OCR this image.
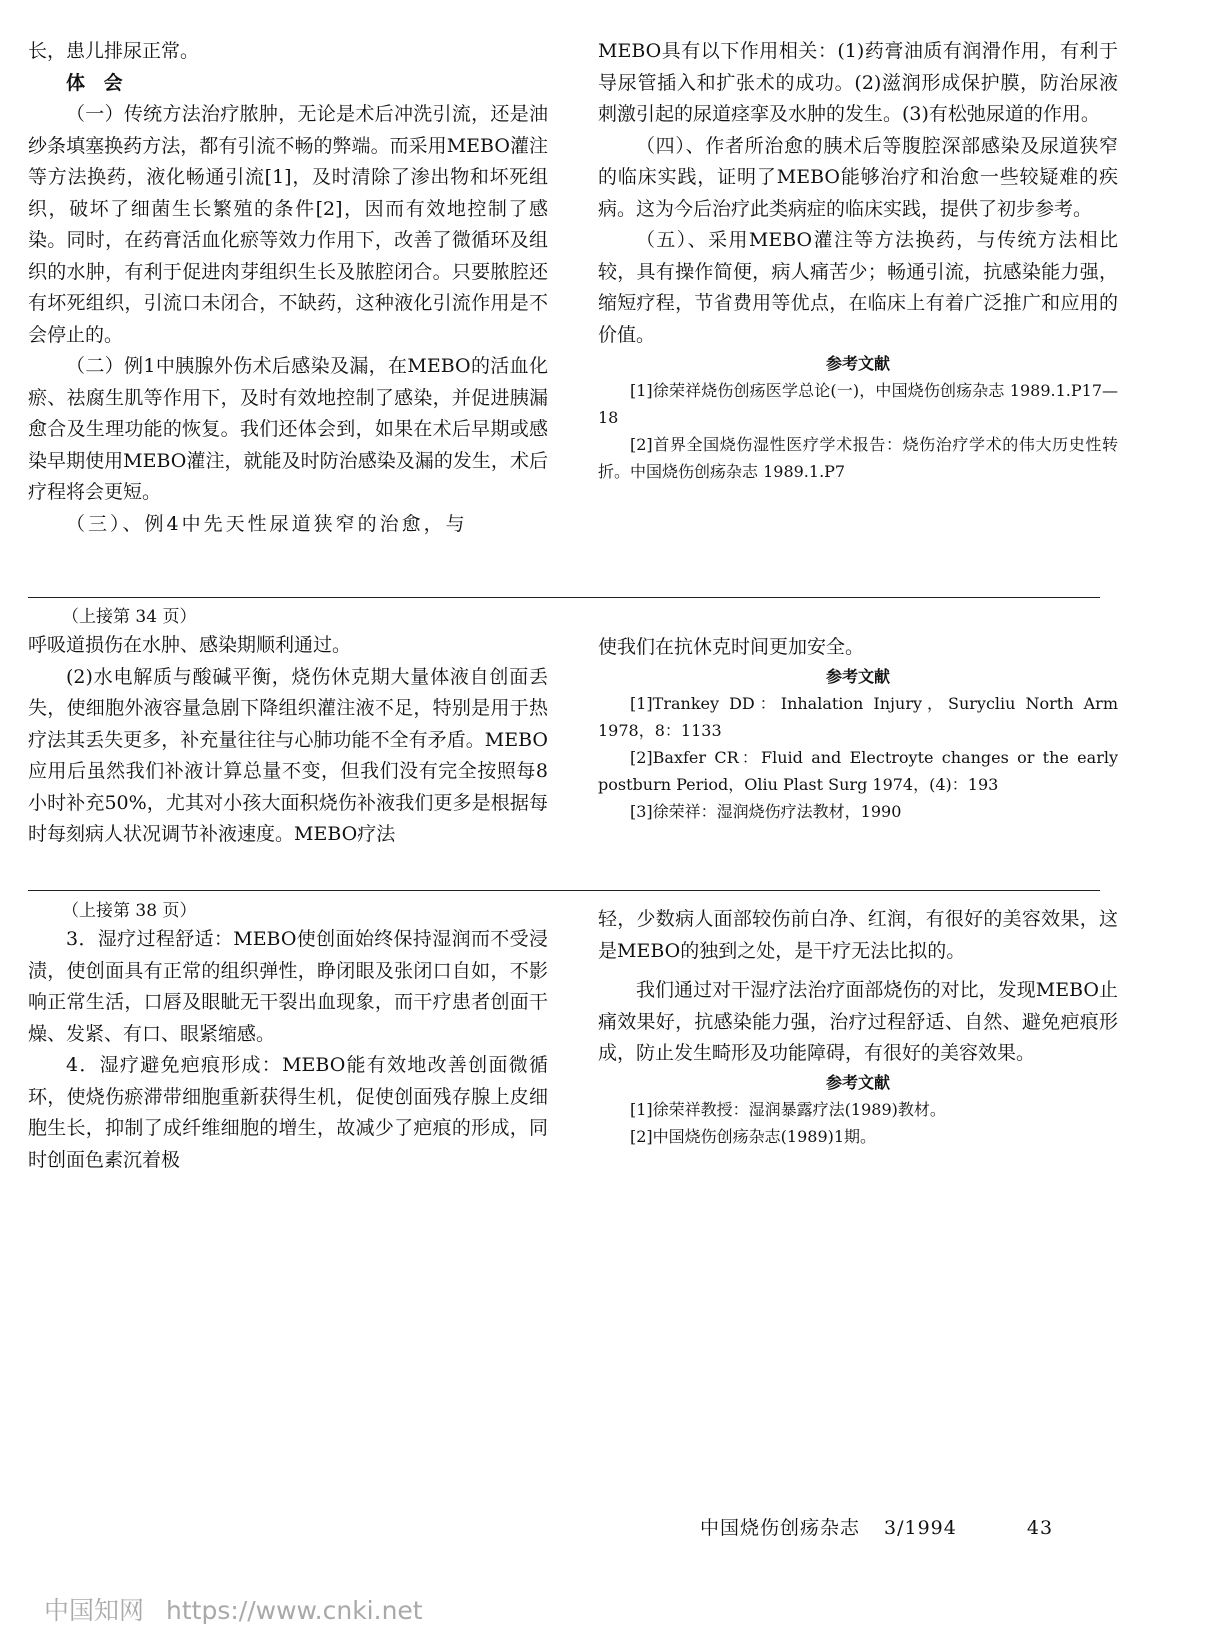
长，患儿排尿正常。

体 会

（一）传统方法治疗脓肿，无论是术后冲洗引流，还是油纱条填塞换药方法，都有引流不畅的弊端。而采用MEBO灌注等方法换药，液化畅通引流[1]，及时清除了渗出物和坏死组织，破坏了细菌生长繁殖的条件[2]，因而有效地控制了感染。同时，在药膏活血化瘀等效力作用下，改善了微循环及组织的水肿，有利于促进肉芽组织生长及脓腔闭合。只要脓腔还有坏死组织，引流口未闭合，不缺药，这种液化引流作用是不会停止的。

（二）例1中胰腺外伤术后感染及漏，在MEBO的活血化瘀、祛腐生肌等作用下，及时有效地控制了感染，并促进胰漏愈合及生理功能的恢复。我们还体会到，如果在术后早期或感染早期使用MEBO灌注，就能及时防治感染及漏的发生，术后疗程将会更短。

（三）、例4中先天性尿道狭窄的治愈，与

MEBO具有以下作用相关：(1)药膏油质有润滑作用，有利于导尿管插入和扩张术的成功。(2)滋润形成保护膜，防治尿液刺激引起的尿道痉挛及水肿的发生。(3)有松弛尿道的作用。

（四）、作者所治愈的胰术后等腹腔深部感染及尿道狭窄的临床实践，证明了MEBO能够治疗和治愈一些较疑难的疾病。这为今后治疗此类病症的临床实践，提供了初步参考。

（五）、采用MEBO灌注等方法换药，与传统方法相比较，具有操作简便，病人痛苦少；畅通引流，抗感染能力强，缩短疗程，节省费用等优点，在临床上有着广泛推广和应用的价值。

参考文献

[1]徐荣祥烧伤创疡医学总论(一)，中国烧伤创疡杂志 1989.1.P17—18

[2]首界全国烧伤湿性医疗学术报告：烧伤治疗学术的伟大历史性转折。中国烧伤创疡杂志 1989.1.P7

（上接第 34 页）

呼吸道损伤在水肿、感染期顺利通过。

(2)水电解质与酸碱平衡，烧伤休克期大量体液自创面丢失，使细胞外液容量急剧下降组织灌注液不足，特别是用于热疗法其丢失更多，补充量往往与心肺功能不全有矛盾。MEBO应用后虽然我们补液计算总量不变，但我们没有完全按照每8小时补充50%，尤其对小孩大面积烧伤补液我们更多是根据每时每刻病人状况调节补液速度。MEBO疗法

使我们在抗休克时间更加安全。

参考文献

[1]Trankey DD：Inhalation Injury，Surycliu North Arm 1978，8：1133

[2]Baxfer CR：Fluid and Electroyte changes or the early postburn Period，Oliu Plast Surg 1974，(4)：193

[3]徐荣祥：湿润烧伤疗法教材，1990

（上接第 38 页）

3．湿疗过程舒适：MEBO使创面始终保持湿润而不受浸渍，使创面具有正常的组织弹性，睁闭眼及张闭口自如，不影响正常生活，口唇及眼眦无干裂出血现象，而干疗患者创面干燥、发紧、有口、眼紧缩感。

4．湿疗避免疤痕形成：MEBO能有效地改善创面微循环，使烧伤瘀滞带细胞重新获得生机，促使创面残存腺上皮细胞生长，抑制了成纤维细胞的增生，故减少了疤痕的形成，同时创面色素沉着极

轻，少数病人面部较伤前白净、红润，有很好的美容效果，这是MEBO的独到之处，是干疗无法比拟的。

我们通过对干湿疗法治疗面部烧伤的对比，发现MEBO止痛效果好，抗感染能力强，治疗过程舒适、自然、避免疤痕形成，防止发生畸形及功能障碍，有很好的美容效果。

参考文献

[1]徐荣祥教授：湿润暴露疗法(1989)教材。

[2]中国烧伤创疡杂志(1989)1期。

中国烧伤创疡杂志 3/1994	43
中国知网 https://www.cnki.net
